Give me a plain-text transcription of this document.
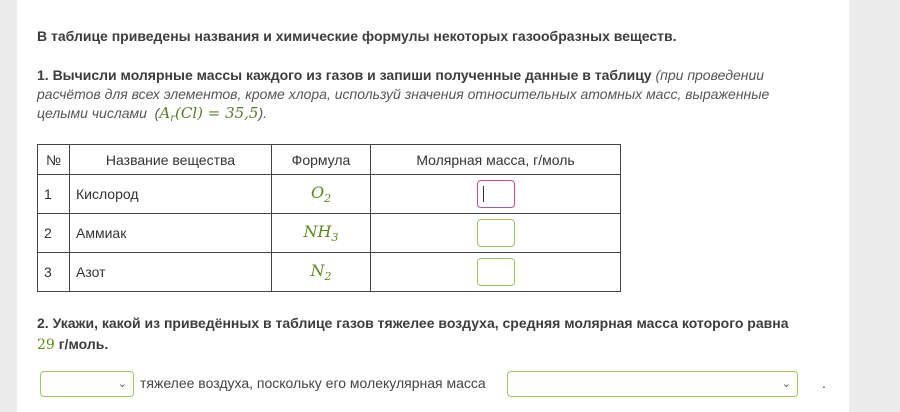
В таблице приведены названия и химические формулы некоторых газообразных веществ.
1. Вычисли молярные массы каждого из газов и запиши полученные данные в таблицу (при проведении расчётов для всех элементов, кроме хлора, используй значения относительных атомных масс, выраженные целыми числами  $(A_r(Cl) = 35,5)$.
№	Название вещества	Формула	Молярная масса, г/моль
1	Кислород	$O_2$	
2	Аммиак	$NH_3$	
3	Азот	$N_2$	
2. Укажи, какой из приведённых в таблице газов тяжелее воздуха, средняя молярная масса которого равна
29 г/моль.
⌄ тяжелее воздуха, поскольку его молекулярная масса	⌄ .
